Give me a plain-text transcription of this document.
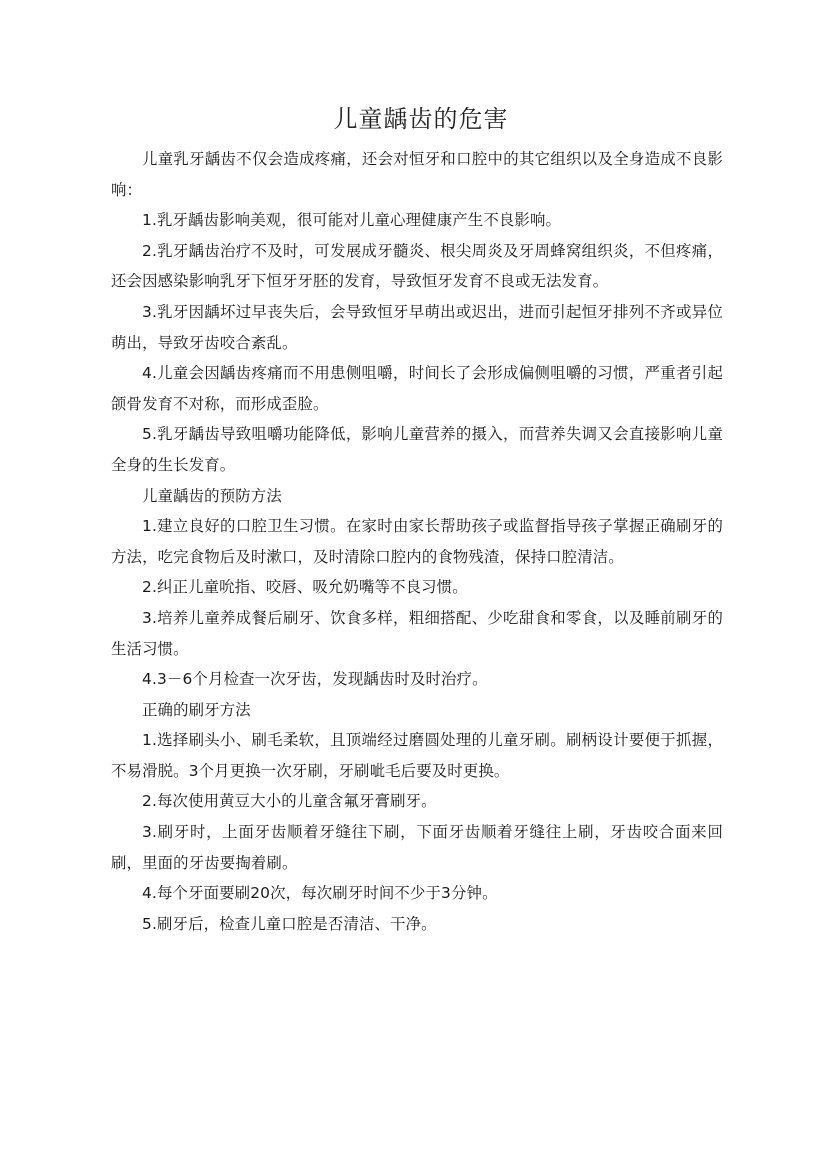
儿童龋齿的危害

儿童乳牙龋齿不仅会造成疼痛，还会对恒牙和口腔中的其它组织以及全身造成不良影响：

1.乳牙龋齿影响美观，很可能对儿童心理健康产生不良影响。

2.乳牙龋齿治疗不及时，可发展成牙髓炎、根尖周炎及牙周蜂窝组织炎，不但疼痛，还会因感染影响乳牙下恒牙牙胚的发育，导致恒牙发育不良或无法发育。

3.乳牙因龋坏过早丧失后，会导致恒牙早萌出或迟出，进而引起恒牙排列不齐或异位萌出，导致牙齿咬合紊乱。

4.儿童会因龋齿疼痛而不用患侧咀嚼，时间长了会形成偏侧咀嚼的习惯，严重者引起颌骨发育不对称，而形成歪脸。

5.乳牙龋齿导致咀嚼功能降低，影响儿童营养的摄入，而营养失调又会直接影响儿童全身的生长发育。

儿童龋齿的预防方法

1.建立良好的口腔卫生习惯。在家时由家长帮助孩子或监督指导孩子掌握正确刷牙的方法，吃完食物后及时漱口，及时清除口腔内的食物残渣，保持口腔清洁。

2.纠正儿童吮指、咬唇、吸允奶嘴等不良习惯。

3.培养儿童养成餐后刷牙、饮食多样，粗细搭配、少吃甜食和零食，以及睡前刷牙的生活习惯。

4.3－6个月检查一次牙齿，发现龋齿时及时治疗。

正确的刷牙方法

1.选择刷头小、刷毛柔软，且顶端经过磨圆处理的儿童牙刷。刷柄设计要便于抓握，不易滑脱。3个月更换一次牙刷，牙刷呲毛后要及时更换。

2.每次使用黄豆大小的儿童含氟牙膏刷牙。

3.刷牙时，上面牙齿顺着牙缝往下刷，下面牙齿顺着牙缝往上刷，牙齿咬合面来回刷，里面的牙齿要掏着刷。

4.每个牙面要刷20次，每次刷牙时间不少于3分钟。

5.刷牙后，检查儿童口腔是否清洁、干净。
